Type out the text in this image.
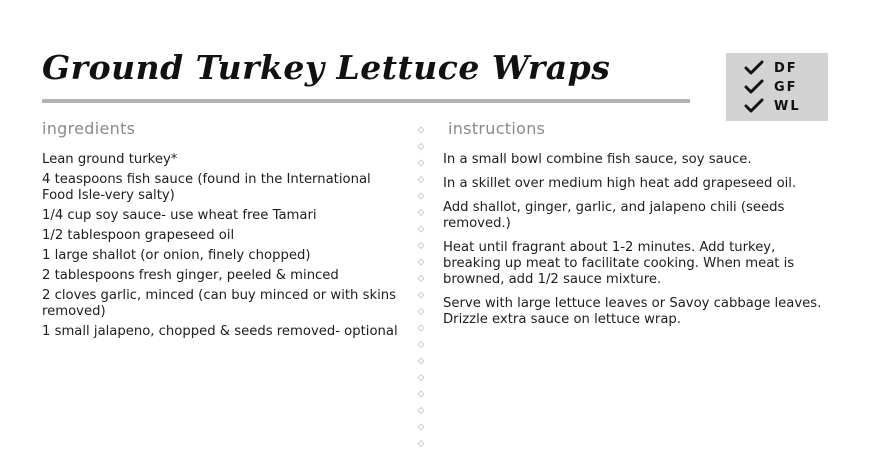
Ground Turkey Lettuce Wraps	DF
GF
WL
ingredients	instructions
Lean ground turkey*
4 teaspoons fish sauce (found in the International Food Isle-very salty)
1/4 cup soy sauce- use wheat free Tamari
1/2 tablespoon grapeseed oil
1 large shallot (or onion, finely chopped)
2 tablespoons fresh ginger, peeled & minced
2 cloves garlic, minced (can buy minced or with skins removed)
1 small jalapeno, chopped & seeds removed- optional
In a small bowl combine fish sauce, soy sauce.
In a skillet over medium high heat add grapeseed oil.
Add shallot, ginger, garlic, and jalapeno chili (seeds removed.)
Heat until fragrant about 1-2 minutes. Add turkey, breaking up meat to facilitate cooking. When meat is browned, add 1/2 sauce mixture.
Serve with large lettuce leaves or Savoy cabbage leaves. Drizzle extra sauce on lettuce wrap.
